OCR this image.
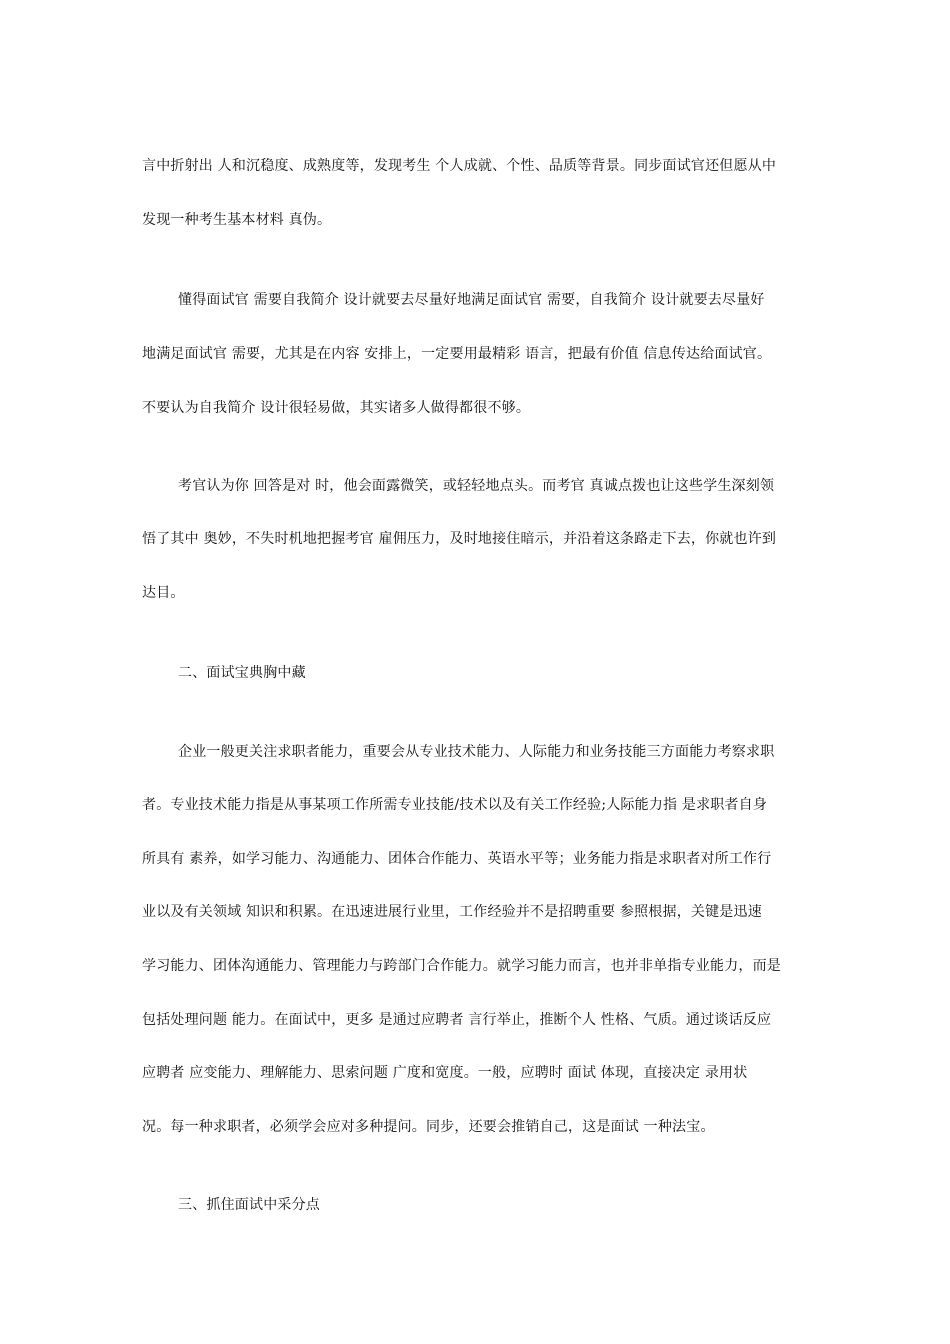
言中折射出 人和沉稳度、成熟度等，发现考生 个人成就、个性、品质等背景。同步面试官还但愿从中
发现一种考生基本材料 真伪。
懂得面试官 需要自我简介 设计就要去尽量好地满足面试官 需要，自我简介 设计就要去尽量好
地满足面试官 需要，尤其是在内容 安排上，一定要用最精彩 语言，把最有价值 信息传达给面试官。
不要认为自我简介 设计很轻易做，其实诸多人做得都很不够。
考官认为你 回答是对 时，他会面露微笑，或轻轻地点头。而考官 真诚点拨也让这些学生深刻领
悟了其中 奥妙，不失时机地把握考官 雇佣压力，及时地接住暗示，并沿着这条路走下去，你就也许到
达目。
二、面试宝典胸中藏
企业一般更关注求职者能力，重要会从专业技术能力、人际能力和业务技能三方面能力考察求职
者。专业技术能力指是从事某项工作所需专业技能/技术以及有关工作经验;人际能力指 是求职者自身
所具有 素养，如学习能力、沟通能力、团体合作能力、英语水平等；业务能力指是求职者对所工作行
业以及有关领域 知识和积累。在迅速进展行业里，工作经验并不是招聘重要 参照根据，关键是迅速
学习能力、团体沟通能力、管理能力与跨部门合作能力。就学习能力而言，也并非单指专业能力，而是
包括处理问题 能力。在面试中，更多 是通过应聘者 言行举止，推断个人 性格、气质。通过谈话反应
应聘者 应变能力、理解能力、思索问题 广度和宽度。一般，应聘时 面试 体现，直接决定 录用状
况。每一种求职者，必须学会应对多种提问。同步，还要会推销自己，这是面试 一种法宝。
三、抓住面试中采分点
